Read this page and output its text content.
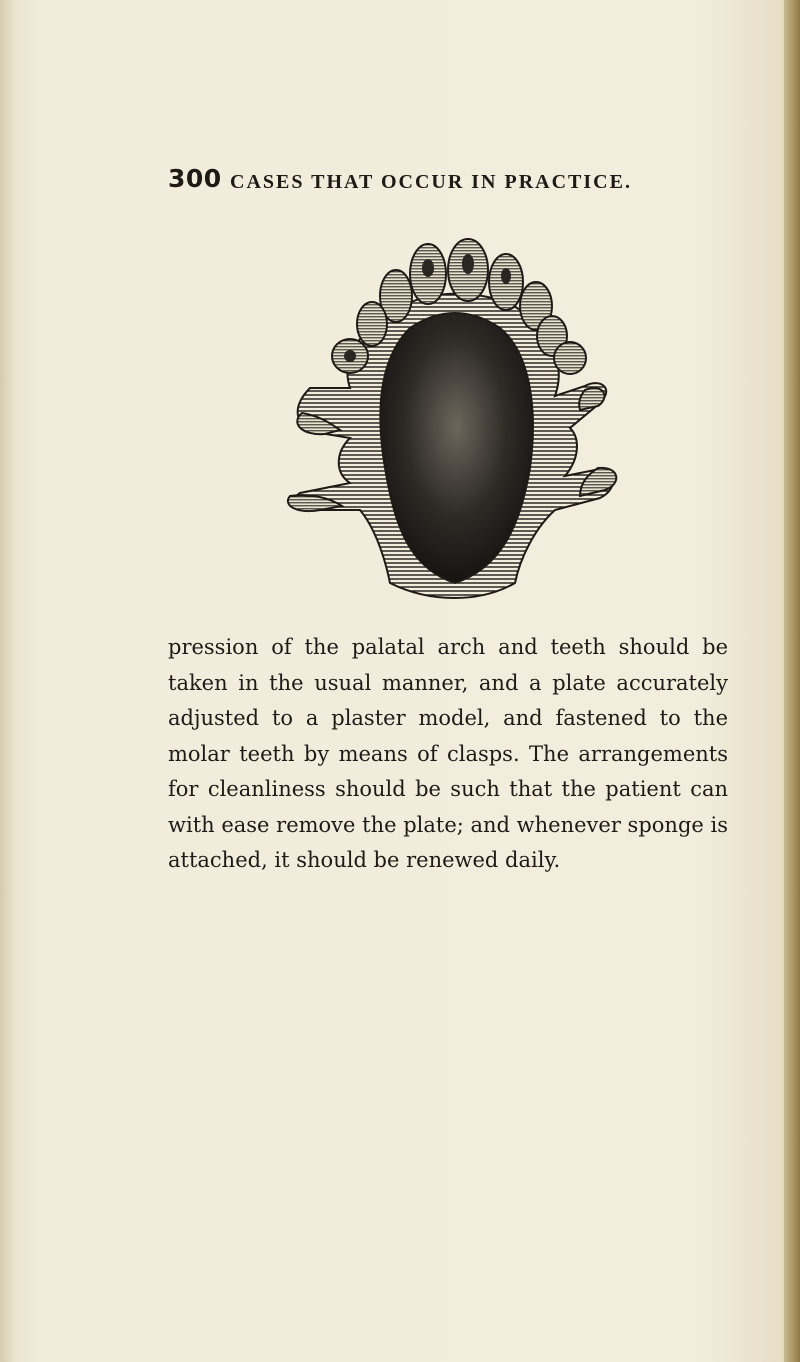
300 CASES THAT OCCUR IN PRACTICE.
pression of the palatal arch and teeth should be
taken in the usual manner, and a plate accurately
adjusted to a plaster model, and fastened to the
molar teeth by means of clasps. The arrangements
for cleanliness should be such that the patient can
with ease remove the plate; and whenever sponge is
attached, it should be renewed daily.
